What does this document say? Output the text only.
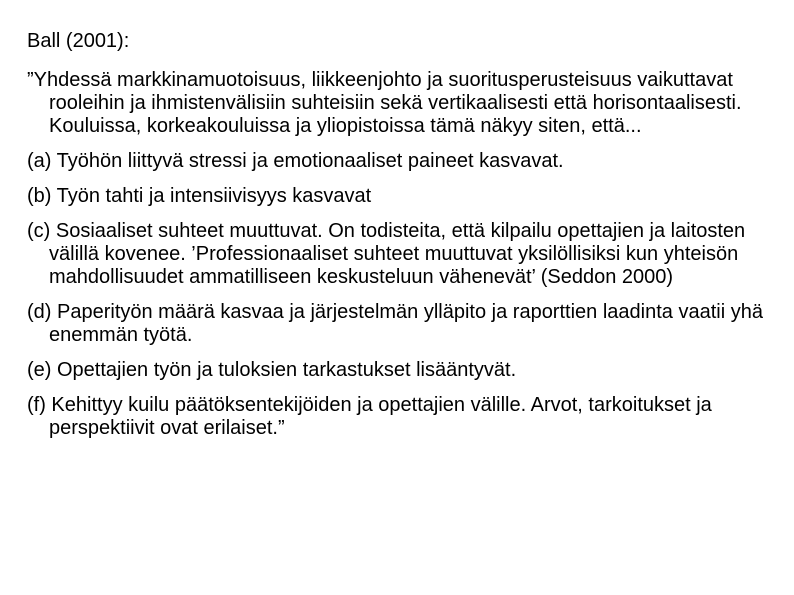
Ball (2001):

”Yhdessä markkinamuotoisuus, liikkeenjohto ja suoritusperusteisuus vaikuttavat rooleihin ja ihmistenvälisiin suhteisiin sekä vertikaalisesti että horisontaalisesti. Kouluissa, korkeakouluissa ja yliopistoissa tämä näkyy siten, että...

(a) Työhön liittyvä stressi ja emotionaaliset paineet kasvavat.

(b) Työn tahti ja intensiivisyys kasvavat

(c) Sosiaaliset suhteet muuttuvat. On todisteita, että kilpailu opettajien ja laitosten välillä kovenee. ’Professionaaliset suhteet muuttuvat yksilöllisiksi kun yhteisön mahdollisuudet ammatilliseen keskusteluun vähenevät’ (Seddon 2000)

(d) Paperityön määrä kasvaa ja järjestelmän ylläpito ja raporttien laadinta vaatii yhä enemmän työtä.

(e) Opettajien työn ja tuloksien tarkastukset lisääntyvät.

(f) Kehittyy kuilu päätöksentekijöiden ja opettajien välille. Arvot, tarkoitukset ja perspektiivit ovat erilaiset.”
